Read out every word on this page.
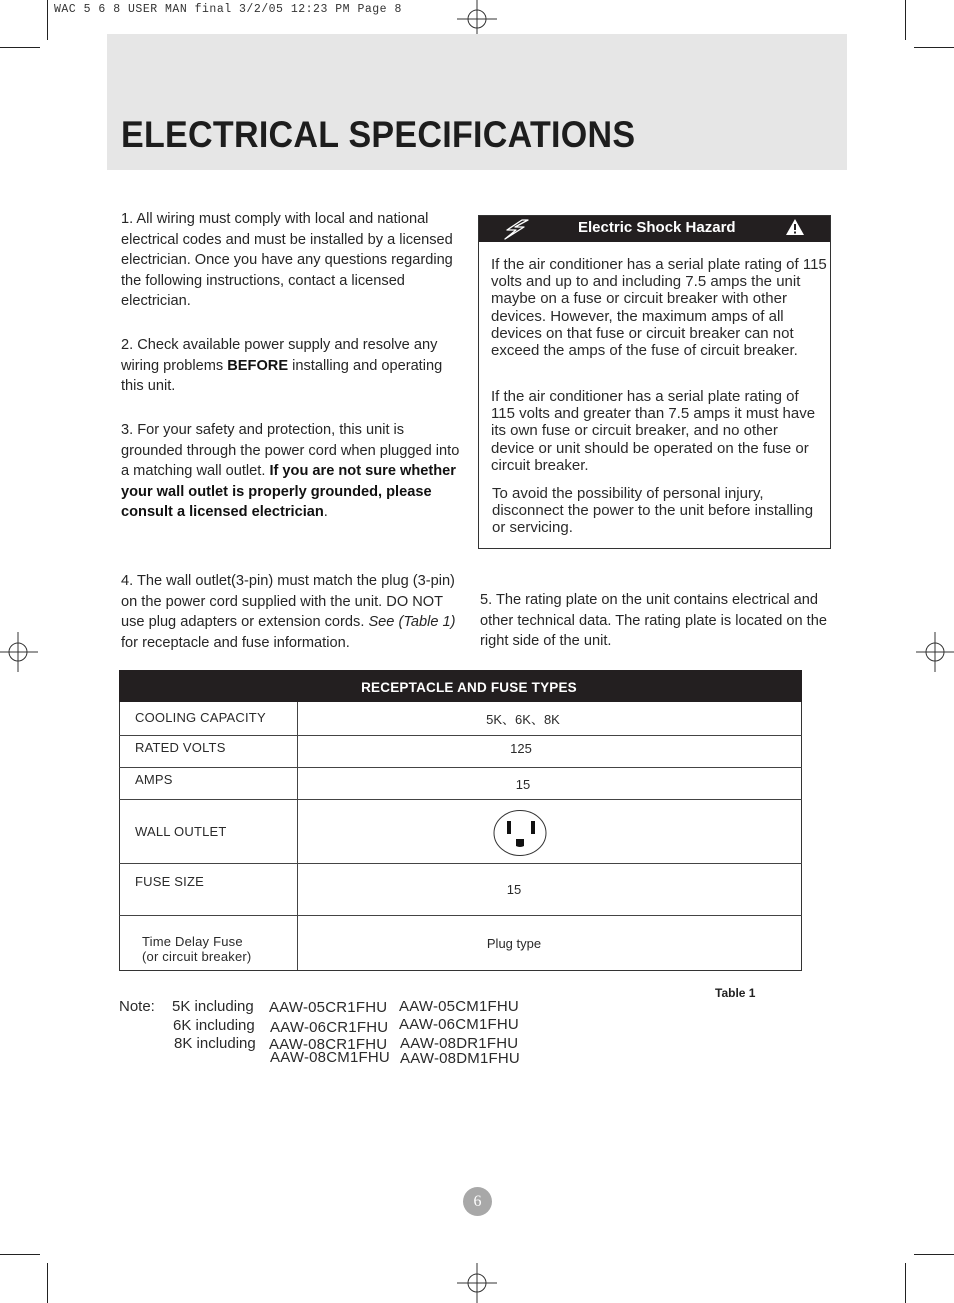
WAC 5 6 8 USER MAN final 3/2/05 12:23 PM Page 8
ELECTRICAL SPECIFICATIONS
1. All wiring must comply with local and national electrical codes and must be installed by a licensed electrician. Once you have any questions regarding the following instructions, contact a licensed electrician.
2. Check available power supply and resolve any wiring problems BEFORE installing and operating this unit.
3. For your safety and protection, this unit is grounded through the power cord when plugged into a matching wall outlet. If you are not sure whether your wall outlet is properly grounded, please consult a licensed electrician.
4. The wall outlet(3-pin) must match the plug (3-pin) on the power cord supplied with the unit. DO NOT use plug adapters or extension cords. See (Table 1) for receptacle and fuse information.
Electric Shock Hazard
If the air conditioner has a serial plate rating of 115 volts and up to and including 7.5 amps the unit maybe on a fuse or circuit breaker with other devices. However, the maximum amps of all devices on that fuse or circuit breaker can not exceed the amps of the fuse of circuit breaker.
If the air conditioner has a serial plate rating of 115 volts and greater than 7.5 amps it must have its own fuse or circuit breaker, and no other device or unit should be operated on the fuse or circuit breaker.
To avoid the possibility of personal injury, disconnect the power to the unit before installing or servicing.
5. The rating plate on the unit contains electrical and other technical data. The rating plate is located on the right side of the unit.
RECEPTACLE AND FUSE TYPES
COOLING CAPACITY
RATED VOLTS
AMPS
WALL OUTLET
FUSE SIZE
Time Delay Fuse
(or circuit breaker)
5K、6K、8K
125
15
15
Plug type
Table 1
Note: 5K including
6K including
8K including
AAW-05CR1FHU AAW-05CM1FHU
AAW-06CR1FHU AAW-06CM1FHU
AAW-08CR1FHU AAW-08DR1FHU
AAW-08CM1FHU AAW-08DM1FHU
6
